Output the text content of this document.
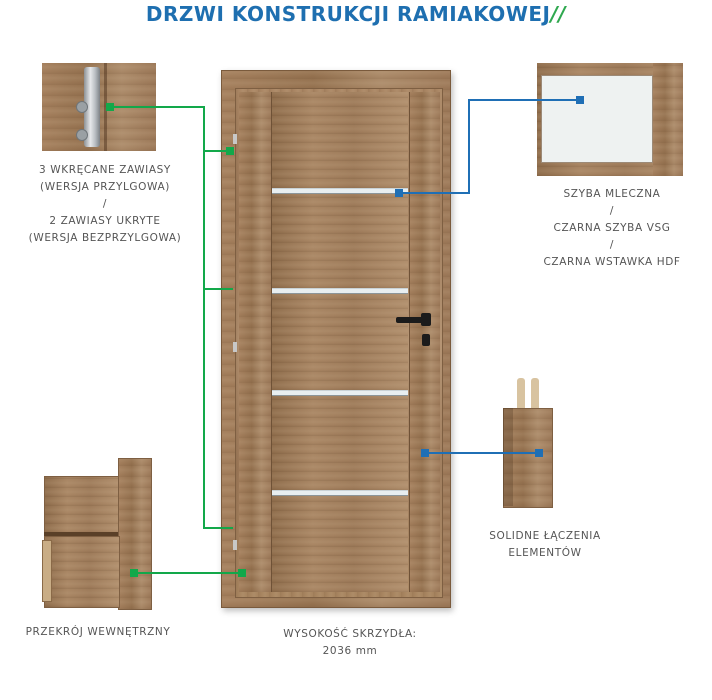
DRZWI KONSTRUKCJI RAMIAKOWEJ//
3 WKRĘCANE ZAWIASY
(WERSJA PRZYLGOWA)
/
2 ZAWIASY UKRYTE
(WERSJA BEZPRZYLGOWA)
SZYBA MLECZNA
/
CZARNA SZYBA VSG
/
CZARNA WSTAWKA HDF
SOLIDNE ŁĄCZENIA
ELEMENTÓW
PRZEKRÓJ WEWNĘTRZNY	WYSOKOŚĆ SKRZYDŁA:
2036 mm
